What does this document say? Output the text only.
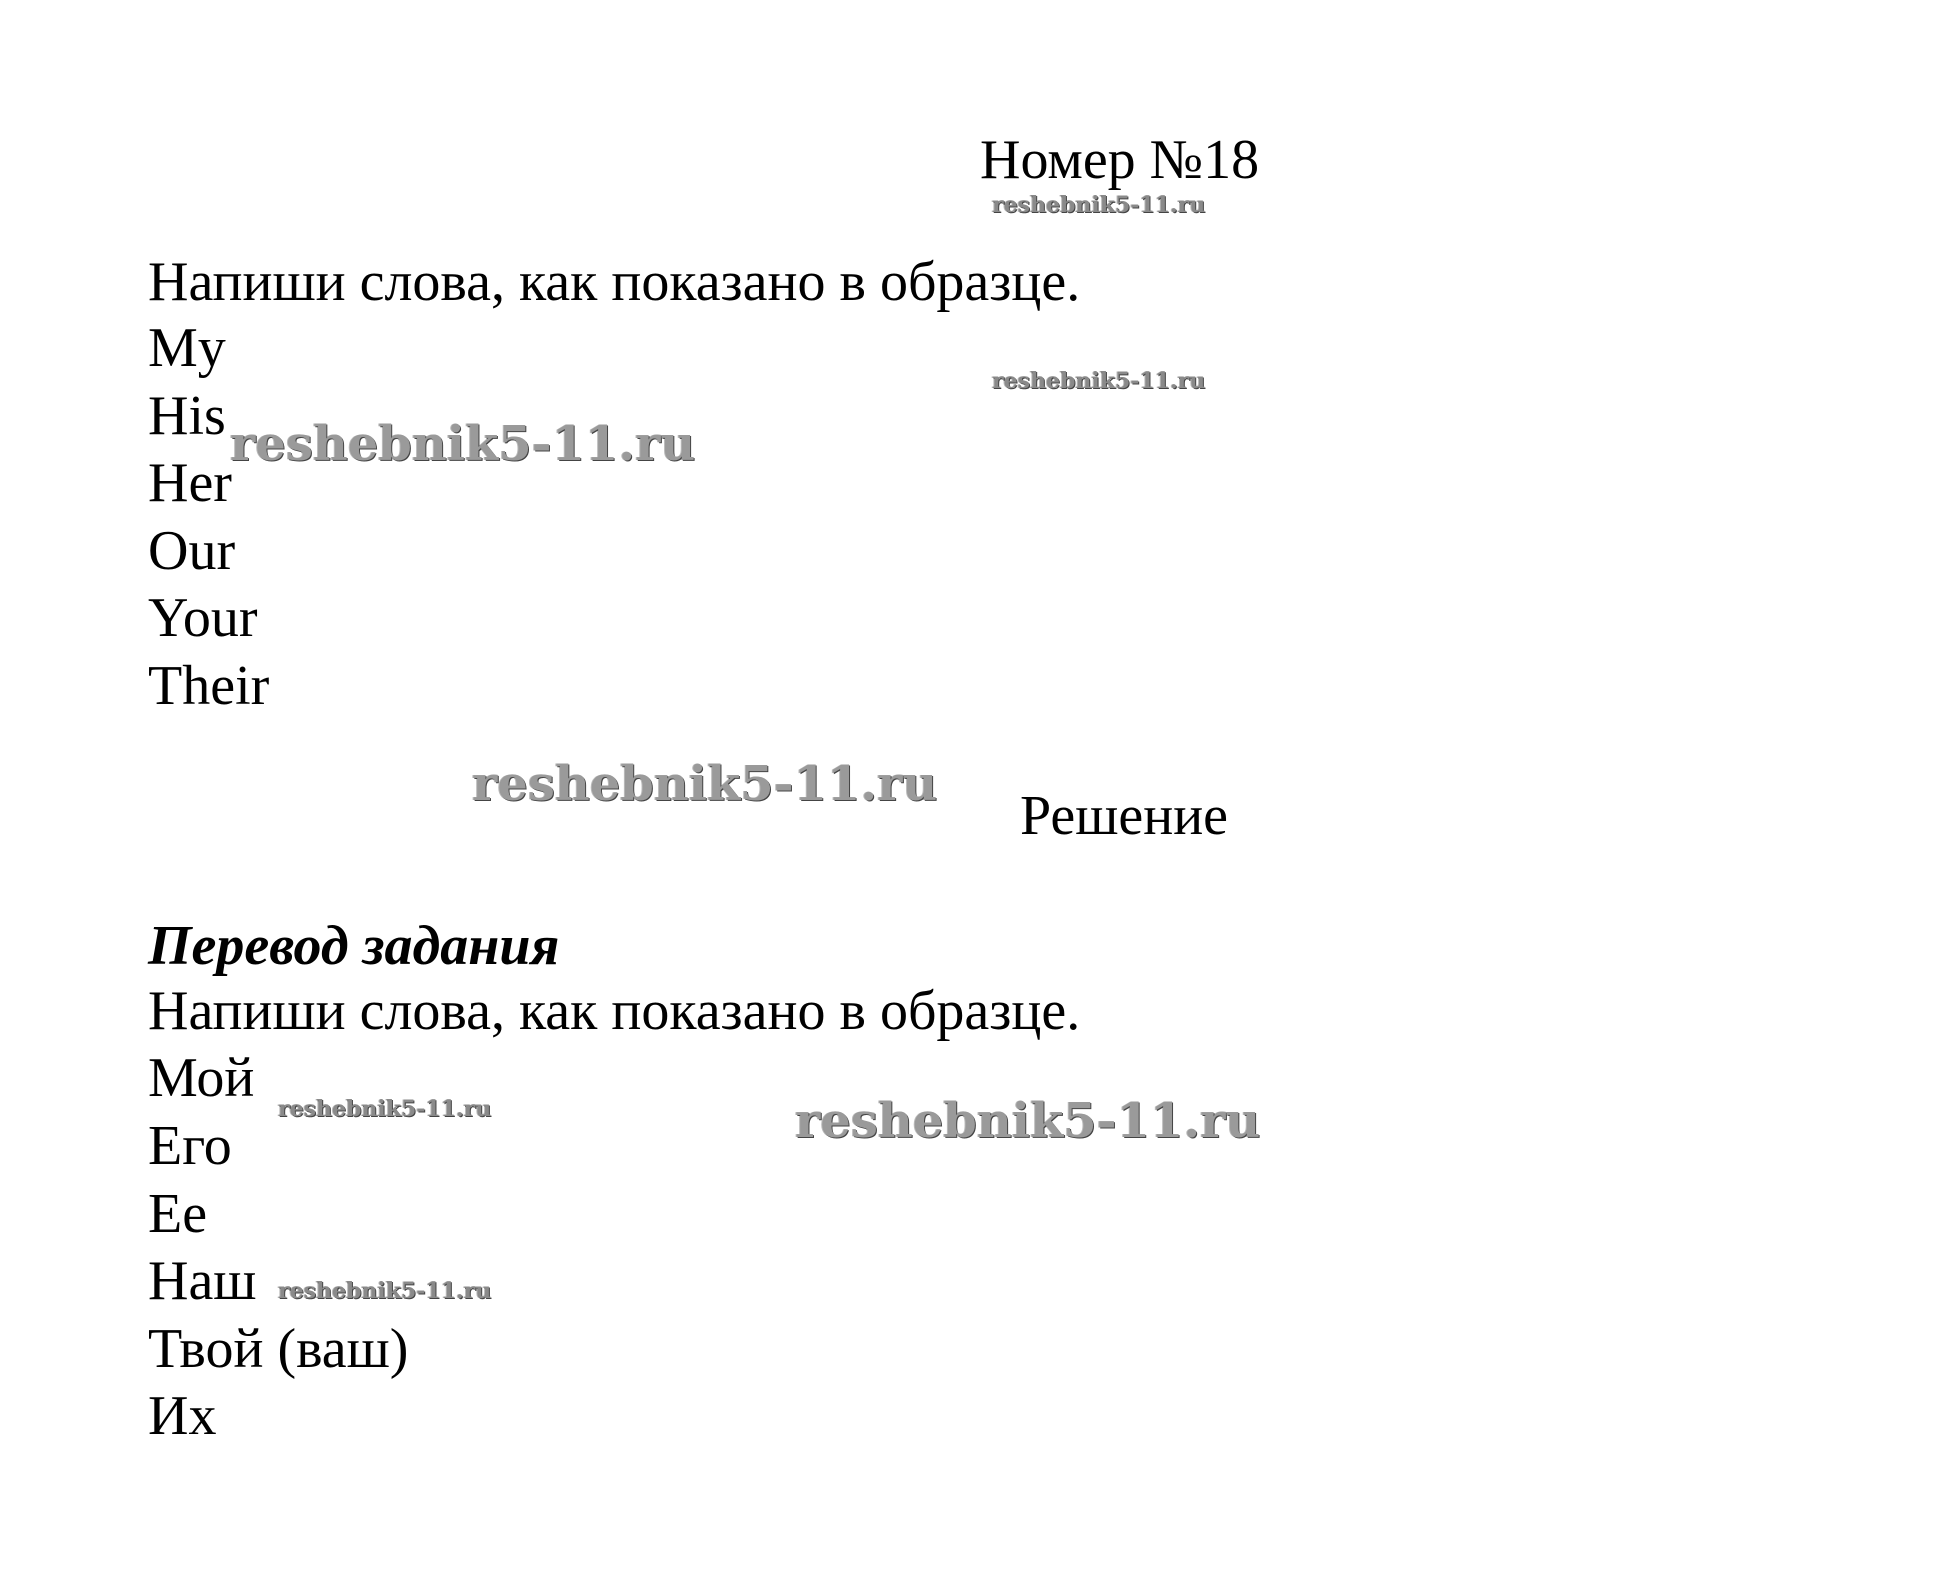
Номер №18
Напиши слова, как показано в образце.
My
His
Her
Our
Your
Their
Решение
Перевод задания
Напиши слова, как показано в образце.
Мой
Его
Ее
Наш
Твой (ваш)
Их
reshebnik5-11.ru
reshebnik5-11.ru
reshebnik5-11.ru
reshebnik5-11.ru
reshebnik5-11.ru	reshebnik5-11.ru
reshebnik5-11.ru
